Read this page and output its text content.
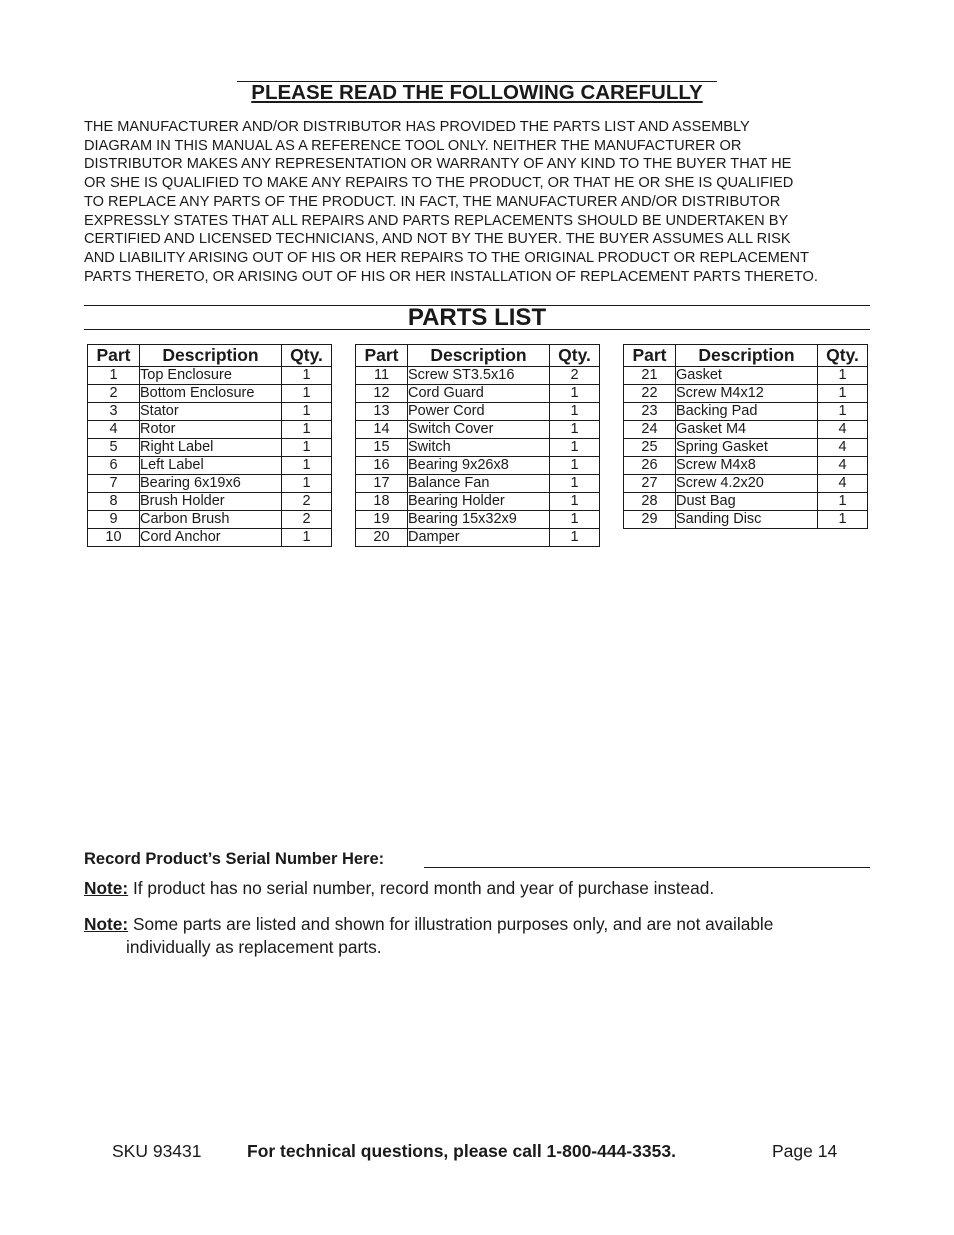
PLEASE READ THE FOLLOWING CAREFULLY
THE MANUFACTURER AND/OR DISTRIBUTOR HAS PROVIDED THE PARTS LIST AND ASSEMBLY
DIAGRAM IN THIS MANUAL AS A REFERENCE TOOL ONLY. NEITHER THE MANUFACTURER OR
DISTRIBUTOR MAKES ANY REPRESENTATION OR WARRANTY OF ANY KIND TO THE BUYER THAT HE
OR SHE IS QUALIFIED TO MAKE ANY REPAIRS TO THE PRODUCT, OR THAT HE OR SHE IS QUALIFIED
TO REPLACE ANY PARTS OF THE PRODUCT. IN FACT, THE MANUFACTURER AND/OR DISTRIBUTOR
EXPRESSLY STATES THAT ALL REPAIRS AND PARTS REPLACEMENTS SHOULD BE UNDERTAKEN BY
CERTIFIED AND LICENSED TECHNICIANS, AND NOT BY THE BUYER. THE BUYER ASSUMES ALL RISK
AND LIABILITY ARISING OUT OF HIS OR HER REPAIRS TO THE ORIGINAL PRODUCT OR REPLACEMENT
PARTS THERETO, OR ARISING OUT OF HIS OR HER INSTALLATION OF REPLACEMENT PARTS THERETO.
PARTS LIST
Part	Description	Qty.
1	Top Enclosure	1
2	Bottom Enclosure	1
3	Stator	1
4	Rotor	1
5	Right Label	1
6	Left Label	1
7	Bearing 6x19x6	1
8	Brush Holder	2
9	Carbon Brush	2
10	Cord Anchor	1
Part	Description	Qty.
11	Screw ST3.5x16	2
12	Cord Guard	1
13	Power Cord	1
14	Switch Cover	1
15	Switch	1
16	Bearing 9x26x8	1
17	Balance Fan	1
18	Bearing Holder	1
19	Bearing 15x32x9	1
20	Damper	1
Part	Description	Qty.
21	Gasket	1
22	Screw M4x12	1
23	Backing Pad	1
24	Gasket M4	4
25	Spring Gasket	4
26	Screw M4x8	4
27	Screw 4.2x20	4
28	Dust Bag	1
29	Sanding Disc	1
Record Product’s Serial Number Here:
Note: If product has no serial number, record month and year of purchase instead.
Note: Some parts are listed and shown for illustration purposes only, and are not available
individually as replacement parts.
SKU 93431	For technical questions, please call 1-800-444-3353.	Page 14
